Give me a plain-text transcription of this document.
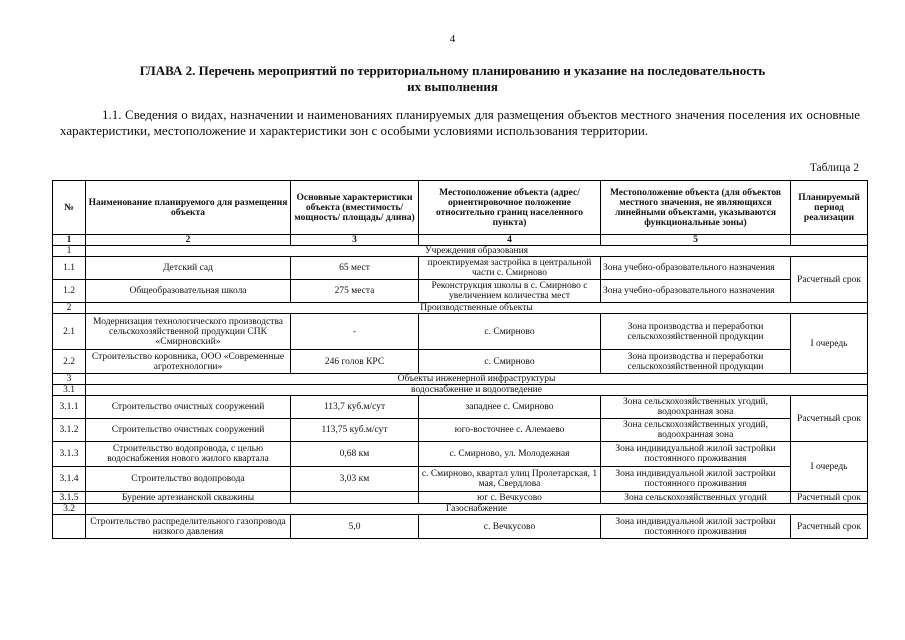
4
ГЛАВА 2. Перечень мероприятий по территориальному планированию и указание на последовательность
их выполнения
1.1. Сведения о видах, назначении и наименованиях планируемых для размещения объектов местного значения поселения их основные характеристики, местоположение и характеристики зон с особыми условиями использования территории.
Таблица 2
№	Наименование планируемого для размещения объекта	Основные характеристики объекта (вместимость/ мощность/ площадь/ длина)	Местоположение объекта (адрес/ориентировочное положение относительно границ населенного пункта)	Местоположение объекта (для объектов местного значения, не являющихся линейными объектами, указываются функциональные зоны)	Планируемый период реализации
1	2	3	4	5	
1	Учреждения образования				
1.1	Детский сад	65 мест	проектируемая застройка в центральной части с. Смирново	Зона учебно-образовательного назначения	Расчетный срок
1.2	Общеобразовательная школа	275 места	Реконструкция школы в с. Смирново с увеличением количества мест	Зона учебно-образовательного назначения	
2	Производственные объекты				
2.1	Модернизация технологического производства сельскохозяйственной продукции СПК «Смирновский»	-	с. Смирново	Зона производства и переработки сельскохозяйственной продукции	I очередь
2.2	Строительство коровника, ООО «Современные агротехнологии»	246 голов КРС	с. Смирново	Зона производства и переработки сельскохозяйственной продукции	
3	Объекты инженерной инфраструктуры				
3.1	водоснабжение и водоотведение				
3.1.1	Строительство очистных сооружений	113,7 куб.м/сут	западнее с. Смирново	Зона сельскохозяйственных угодий, водоохранная зона	Расчетный срок
3.1.2	Строительство очистных сооружений	113,75 куб.м/сут	юго-восточнее с. Алемаево	Зона сельскохозяйственных угодий, водоохранная зона	
3.1.3	Строительство водопровода, с целью водоснабжения нового жилого квартала	0,68 км	с. Смирново, ул. Молодежная	Зона индивидуальной жилой застройки постоянного проживания	I очередь
3.1.4	Строительство водопровода	3,03 км	с. Смирново, квартал улиц Пролетарская, 1 мая, Свердлова	Зона индивидуальной жилой застройки постоянного проживания	
3.1.5	Бурение артезианской скважины		юг с. Вечкусово	Зона сельскохозяйственных угодий	Расчетный срок
3.2	Газоснабжение				
	Строительство распределительного газопровода низкого давления	5,0	с. Вечкусово	Зона индивидуальной жилой застройки постоянного проживания	Расчетный срок
